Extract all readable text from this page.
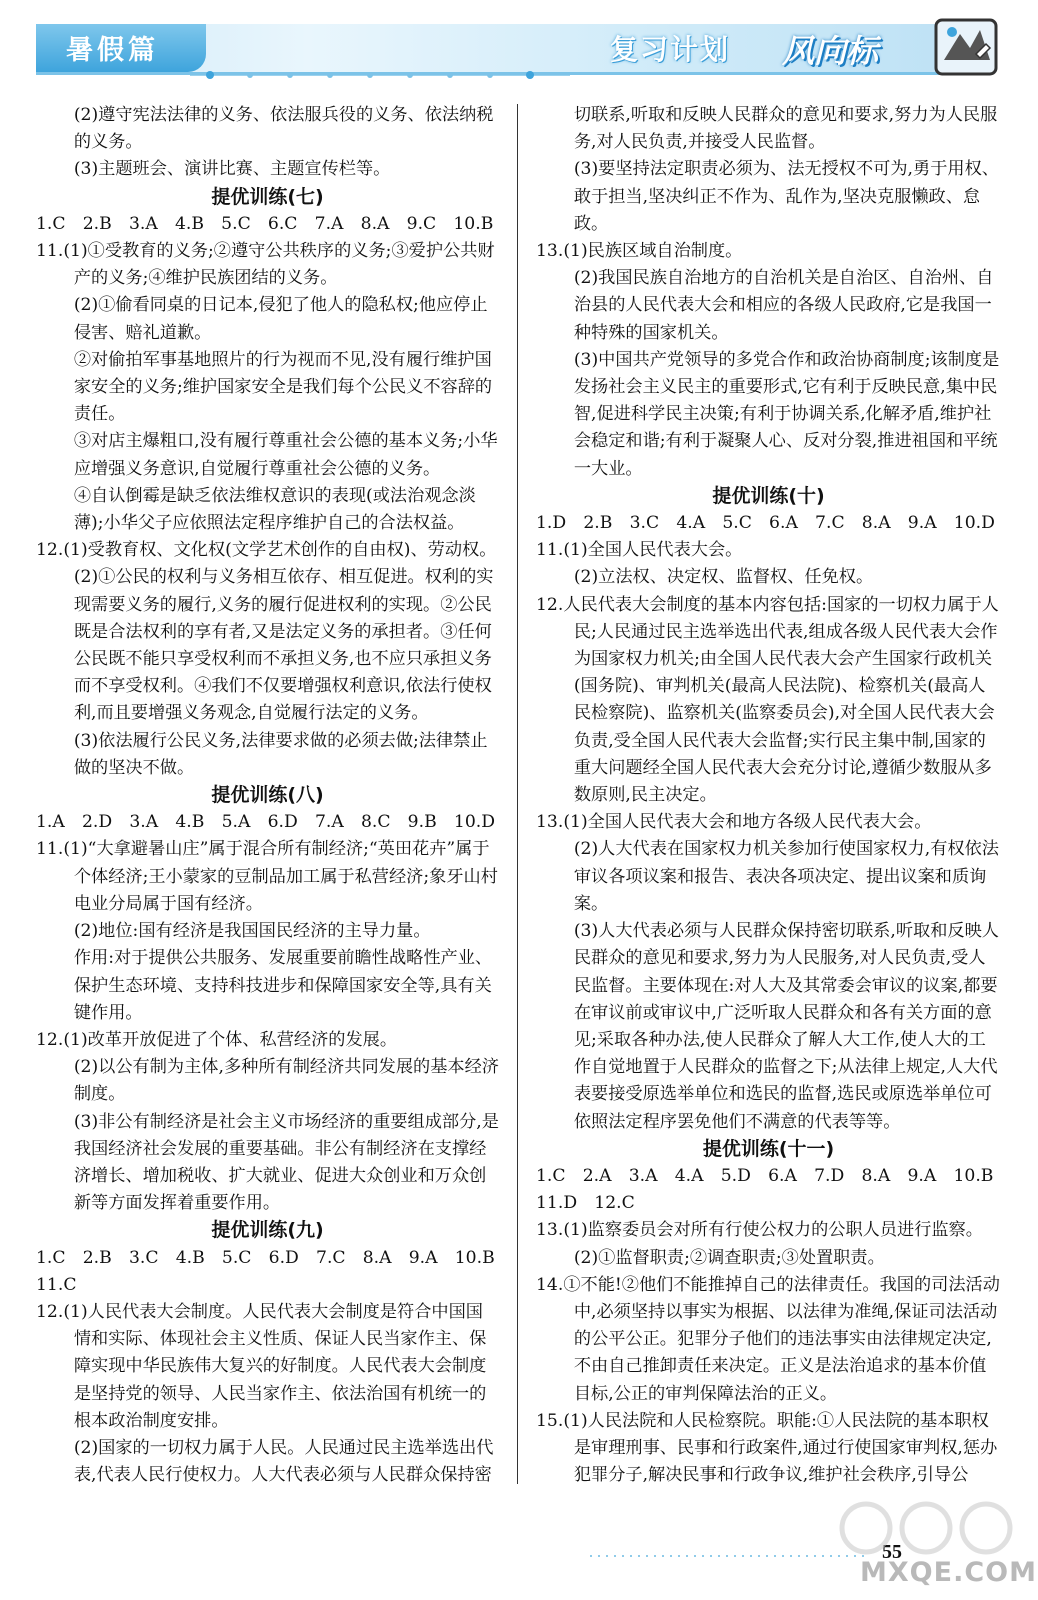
暑假篇	复习计划 风向标

(2)遵守宪法法律的义务、依法服兵役的义务、依法纳税的义务。

(3)主题班会、演讲比赛、主题宣传栏等。

提优训练(七)

1.C　2.B　3.A　4.B　5.C　6.C　7.A　8.A　9.C　10.B

11.(1)①受教育的义务;②遵守公共秩序的义务;③爱护公共财产的义务;④维护民族团结的义务。

(2)①偷看同桌的日记本,侵犯了他人的隐私权;他应停止侵害、赔礼道歉。

②对偷拍军事基地照片的行为视而不见,没有履行维护国家安全的义务;维护国家安全是我们每个公民义不容辞的责任。

③对店主爆粗口,没有履行尊重社会公德的基本义务;小华应增强义务意识,自觉履行尊重社会公德的义务。

④自认倒霉是缺乏依法维权意识的表现(或法治观念淡薄);小华父子应依照法定程序维护自己的合法权益。

12.(1)受教育权、文化权(文学艺术创作的自由权)、劳动权。

(2)①公民的权利与义务相互依存、相互促进。权利的实现需要义务的履行,义务的履行促进权利的实现。②公民既是合法权利的享有者,又是法定义务的承担者。③任何公民既不能只享受权利而不承担义务,也不应只承担义务而不享受权利。④我们不仅要增强权利意识,依法行使权利,而且要增强义务观念,自觉履行法定的义务。

(3)依法履行公民义务,法律要求做的必须去做;法律禁止做的坚决不做。

提优训练(八)

1.A　2.D　3.A　4.B　5.A　6.D　7.A　8.C　9.B　10.D

11.(1)“大拿避暑山庄”属于混合所有制经济;“英田花卉”属于个体经济;王小蒙家的豆制品加工属于私营经济;象牙山村电业分局属于国有经济。

(2)地位:国有经济是我国国民经济的主导力量。

作用:对于提供公共服务、发展重要前瞻性战略性产业、保护生态环境、支持科技进步和保障国家安全等,具有关键作用。

12.(1)改革开放促进了个体、私营经济的发展。

(2)以公有制为主体,多种所有制经济共同发展的基本经济制度。

(3)非公有制经济是社会主义市场经济的重要组成部分,是我国经济社会发展的重要基础。非公有制经济在支撑经济增长、增加税收、扩大就业、促进大众创业和万众创新等方面发挥着重要作用。

提优训练(九)

1.C　2.B　3.C　4.B　5.C　6.D　7.C　8.A　9.A　10.B

11.C

12.(1)人民代表大会制度。人民代表大会制度是符合中国国情和实际、体现社会主义性质、保证人民当家作主、保障实现中华民族伟大复兴的好制度。人民代表大会制度是坚持党的领导、人民当家作主、依法治国有机统一的根本政治制度安排。

(2)国家的一切权力属于人民。人民通过民主选举选出代表,代表人民行使权力。人大代表必须与人民群众保持密

切联系,听取和反映人民群众的意见和要求,努力为人民服务,对人民负责,并接受人民监督。

(3)要坚持法定职责必须为、法无授权不可为,勇于用权、敢于担当,坚决纠正不作为、乱作为,坚决克服懒政、怠政。

13.(1)民族区域自治制度。

(2)我国民族自治地方的自治机关是自治区、自治州、自治县的人民代表大会和相应的各级人民政府,它是我国一种特殊的国家机关。

(3)中国共产党领导的多党合作和政治协商制度;该制度是发扬社会主义民主的重要形式,它有利于反映民意,集中民智,促进科学民主决策;有利于协调关系,化解矛盾,维护社会稳定和谐;有利于凝聚人心、反对分裂,推进祖国和平统一大业。

提优训练(十)

1.D　2.B　3.C　4.A　5.C　6.A　7.C　8.A　9.A　10.D

11.(1)全国人民代表大会。

(2)立法权、决定权、监督权、任免权。

12.人民代表大会制度的基本内容包括:国家的一切权力属于人民;人民通过民主选举选出代表,组成各级人民代表大会作为国家权力机关;由全国人民代表大会产生国家行政机关(国务院)、审判机关(最高人民法院)、检察机关(最高人民检察院)、监察机关(监察委员会),对全国人民代表大会负责,受全国人民代表大会监督;实行民主集中制,国家的重大问题经全国人民代表大会充分讨论,遵循少数服从多数原则,民主决定。

13.(1)全国人民代表大会和地方各级人民代表大会。

(2)人大代表在国家权力机关参加行使国家权力,有权依法审议各项议案和报告、表决各项决定、提出议案和质询案。

(3)人大代表必须与人民群众保持密切联系,听取和反映人民群众的意见和要求,努力为人民服务,对人民负责,受人民监督。主要体现在:对人大及其常委会审议的议案,都要在审议前或审议中,广泛听取人民群众和各有关方面的意见;采取各种办法,使人民群众了解人大工作,使人大的工作自觉地置于人民群众的监督之下;从法律上规定,人大代表要接受原选举单位和选民的监督,选民或原选举单位可依照法定程序罢免他们不满意的代表等等。

提优训练(十一)

1.C　2.A　3.A　4.A　5.D　6.A　7.D　8.A　9.A　10.B

11.D　12.C

13.(1)监察委员会对所有行使公权力的公职人员进行监察。

(2)①监督职责;②调查职责;③处置职责。

14.①不能!②他们不能推掉自己的法律责任。我国的司法活动中,必须坚持以事实为根据、以法律为准绳,保证司法活动的公平公正。犯罪分子他们的违法事实由法律规定决定,不由自己推卸责任来决定。正义是法治追求的基本价值目标,公正的审判保障法治的正义。

15.(1)人民法院和人民检察院。职能:①人民法院的基本职权是审理刑事、民事和行政案件,通过行使国家审判权,惩办犯罪分子,解决民事和行政争议,维护社会秩序,引导公

55
MXQE.COM
